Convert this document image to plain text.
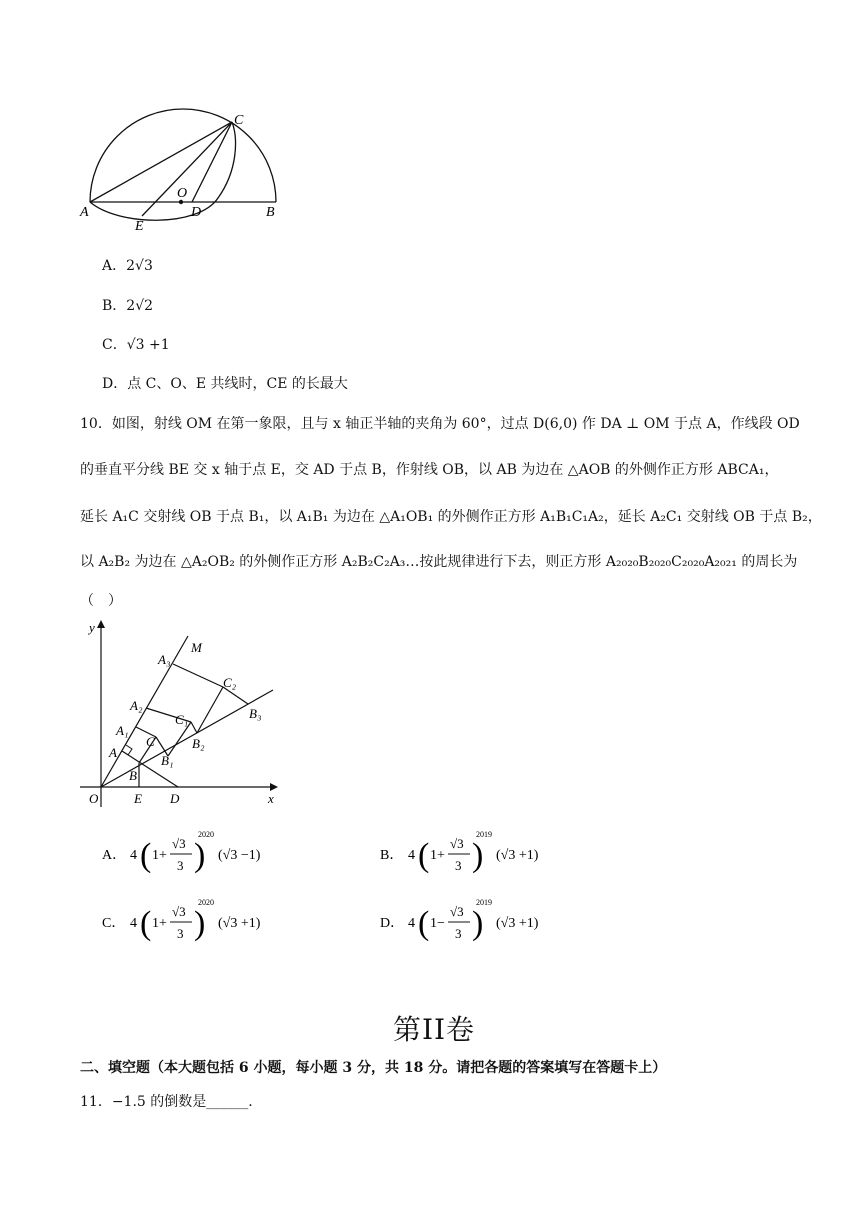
A	B
C
O
D
E
A．2√3
B．2√2
C．√3 +1
D．点 C、O、E 共线时，CE 的长最大
10．如图，射线 OM 在第一象限，且与 x 轴正半轴的夹角为 60°，过点 D(6,0) 作 DA ⊥ OM 于点 A，作线段 OD
的垂直平分线 BE 交 x 轴于点 E，交 AD 于点 B，作射线 OB，以 AB 为边在 △AOB 的外侧作正方形 ABCA₁，
延长 A₁C 交射线 OB 于点 B₁，以 A₁B₁ 为边在 △A₁OB₁ 的外侧作正方形 A₁B₁C₁A₂，延长 A₂C₁ 交射线 OB 于点 B₂，
以 A₂B₂ 为边在 △A₂OB₂ 的外侧作正方形 A₂B₂C₂A₃…按此规律进行下去，则正方形 A₂₀₂₀B₂₀₂₀C₂₀₂₀A₂₀₂₁ 的周长为
（　）
y
x
O	E D
M
A
A₁
A₂
A₃
B
B₁
B₂
B₃
C
C₁
C₂
A． 4 ( 1+
√3
3 )
2020
(√3 −1)	B． 4 ( 1+
√3
3 )
2019
(√3 +1)
C． 4 ( 1+
√3
3 )
2020
(√3 +1)	D． 4 ( 1−
√3
3 )
2019
(√3 +1)
第II卷
二、填空题（本大题包括 6 小题，每小题 3 分，共 18 分。请把各题的答案填写在答题卡上）
11．−1.5 的倒数是______.
